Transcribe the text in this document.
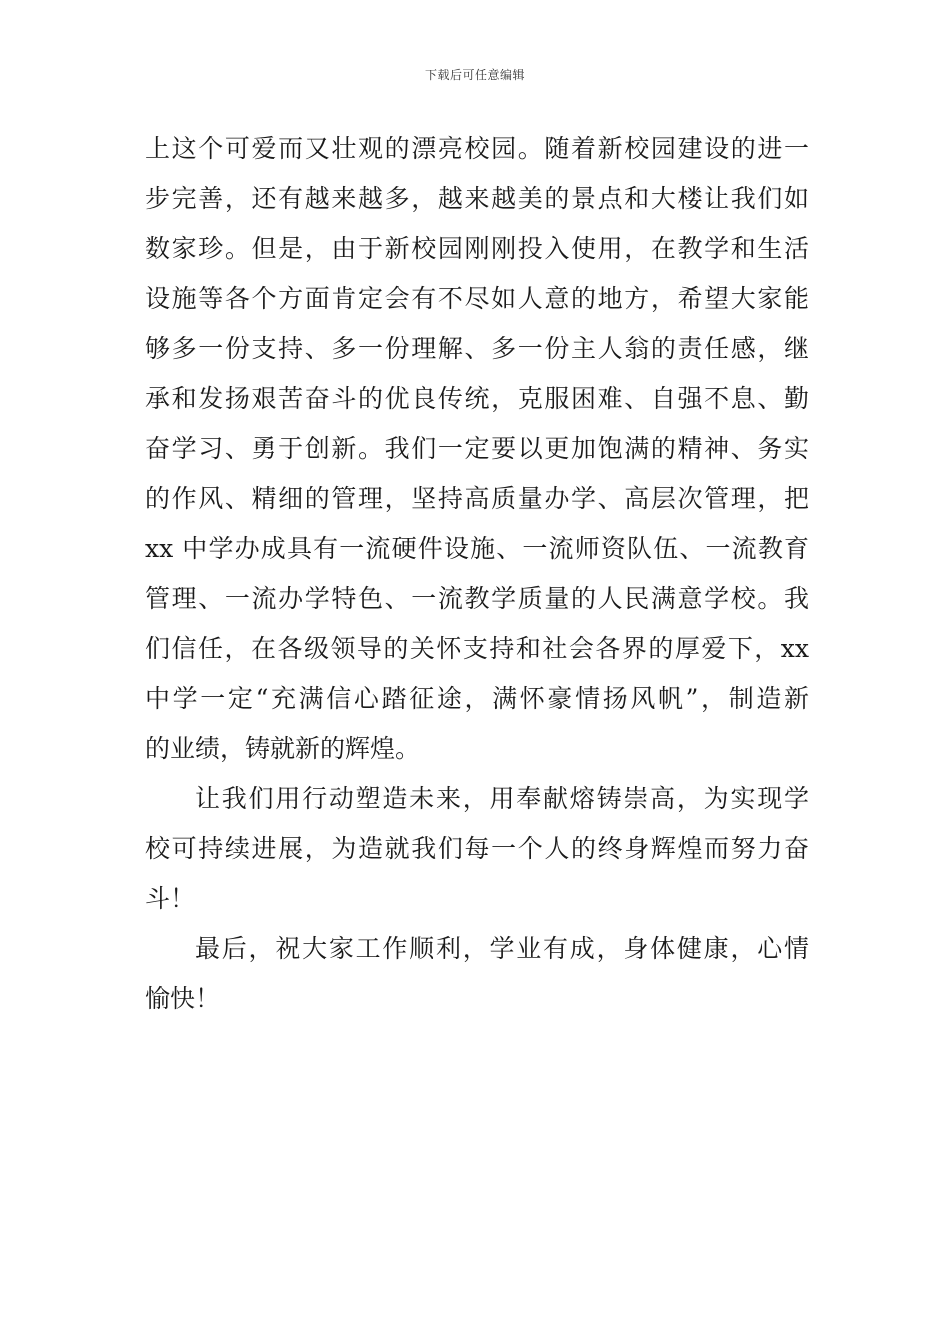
下载后可任意编辑
上这个可爱而又壮观的漂亮校园。随着新校园建设的进一
步完善，还有越来越多，越来越美的景点和大楼让我们如
数家珍。但是，由于新校园刚刚投入使用，在教学和生活
设施等各个方面肯定会有不尽如人意的地方，希望大家能
够多一份支持、多一份理解、多一份主人翁的责任感，继
承和发扬艰苦奋斗的优良传统，克服困难、自强不息、勤
奋学习、勇于创新。我们一定要以更加饱满的精神、务实
的作风、精细的管理，坚持高质量办学、高层次管理，把
xx 中学办成具有一流硬件设施、一流师资队伍、一流教育
管理、一流办学特色、一流教学质量的人民满意学校。我
们信任，在各级领导的关怀支持和社会各界的厚爱下，xx
中学一定“充满信心踏征途，满怀豪情扬风帆”，制造新
的业绩，铸就新的辉煌。
让我们用行动塑造未来，用奉献熔铸崇高，为实现学
校可持续进展，为造就我们每一个人的终身辉煌而努力奋
斗！
最后，祝大家工作顺利，学业有成，身体健康，心情
愉快！
